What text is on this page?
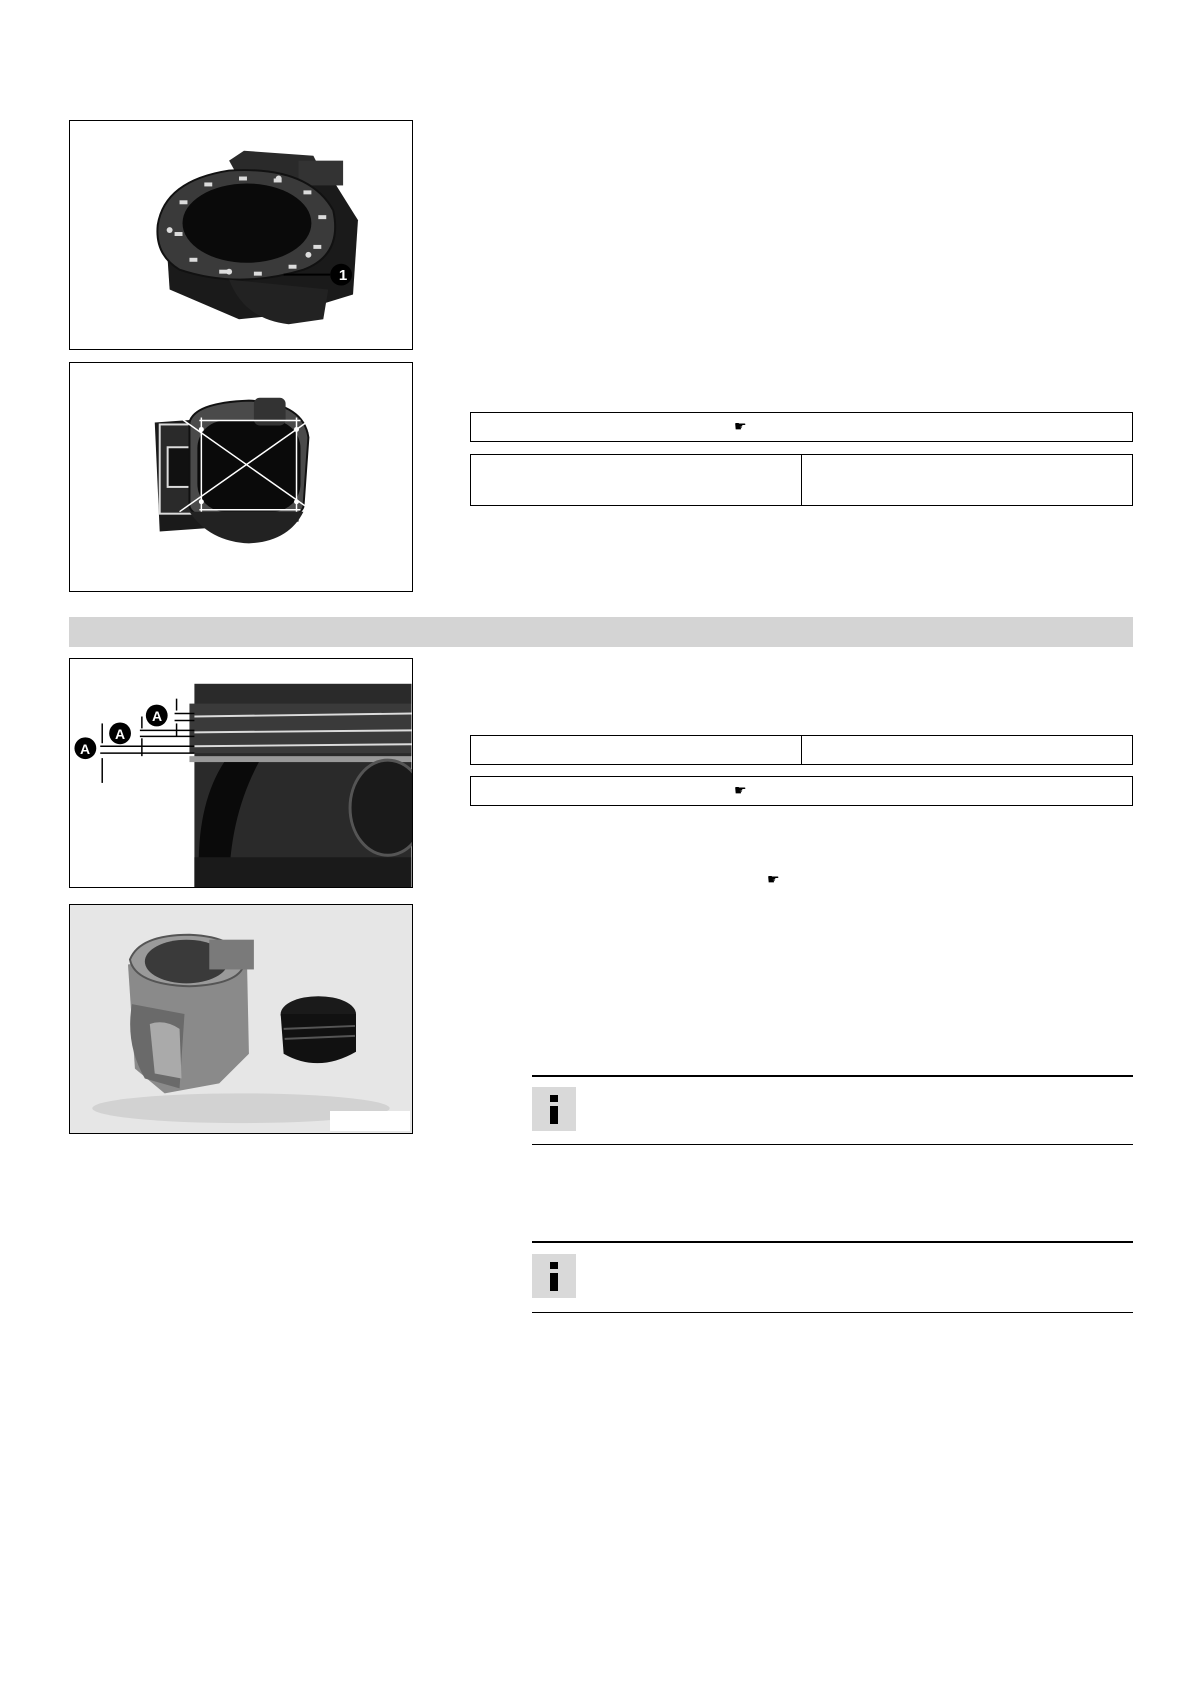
1
☛
A
A
A
☛
☛
